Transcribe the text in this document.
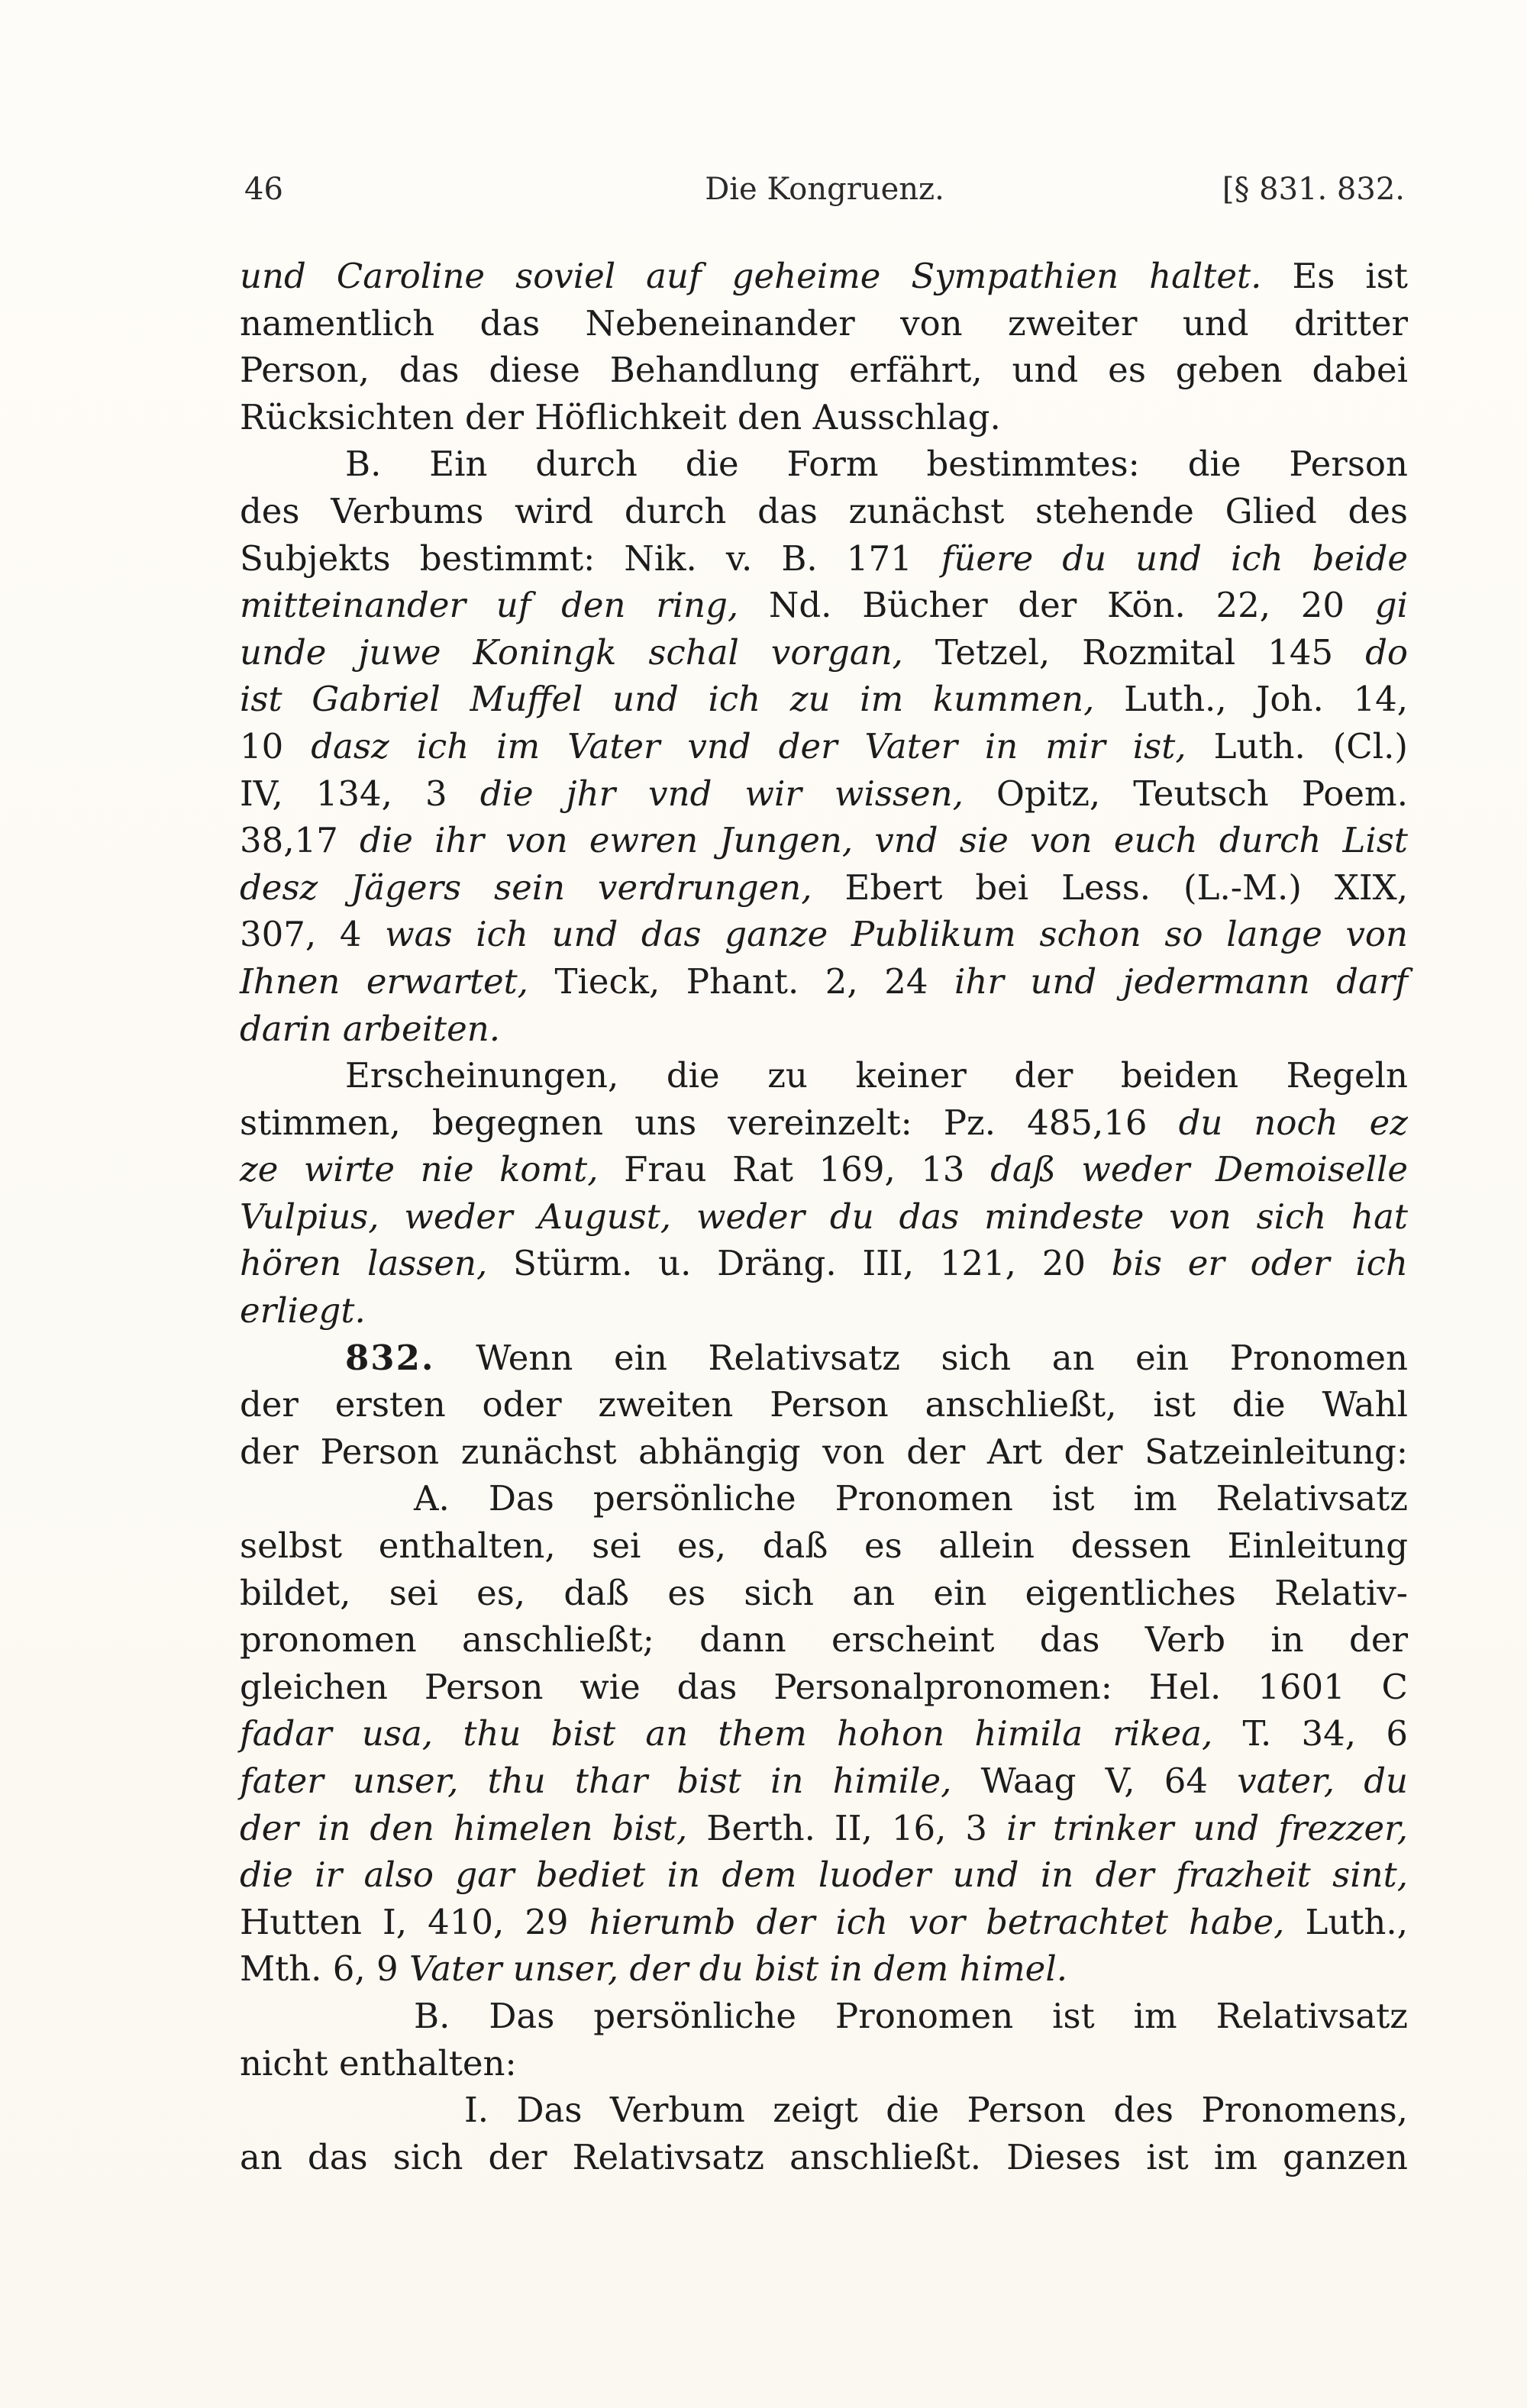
46	Die Kongruenz.	[§ 831. 832.
und Caroline soviel auf geheime Sympathien haltet. Es ist
namentlich das Nebeneinander von zweiter und dritter
Person, das diese Behandlung erfährt, und es geben dabei
Rücksichten der Höflichkeit den Ausschlag.
B. Ein durch die Form bestimmtes: die Person
des Verbums wird durch das zunächst stehende Glied des
Subjekts bestimmt: Nik. v. B. 171 füere du und ich beide
mitteinander uf den ring, Nd. Bücher der Kön. 22, 20 gi
unde juwe Koningk schal vorgan, Tetzel, Rozmital 145 do
ist Gabriel Muffel und ich zu im kummen, Luth., Joh. 14,
10 dasz ich im Vater vnd der Vater in mir ist, Luth. (Cl.)
IV, 134, 3 die jhr vnd wir wissen, Opitz, Teutsch Poem.
38,17 die ihr von ewren Jungen, vnd sie von euch durch List
desz Jägers sein verdrungen, Ebert bei Less. (L.-M.) XIX,
307, 4 was ich und das ganze Publikum schon so lange von
Ihnen erwartet, Tieck, Phant. 2, 24 ihr und jedermann darf
darin arbeiten.
Erscheinungen, die zu keiner der beiden Regeln
stimmen, begegnen uns vereinzelt: Pz. 485,16 du noch ez
ze wirte nie komt, Frau Rat 169, 13 daß weder Demoiselle
Vulpius, weder August, weder du das mindeste von sich hat
hören lassen, Stürm. u. Dräng. III, 121, 20 bis er oder ich
erliegt.
832. Wenn ein Relativsatz sich an ein Pronomen
der ersten oder zweiten Person anschließt, ist die Wahl
der Person zunächst abhängig von der Art der Satzeinleitung:
A. Das persönliche Pronomen ist im Relativsatz
selbst enthalten, sei es, daß es allein dessen Einleitung
bildet, sei es, daß es sich an ein eigentliches Relativ-
pronomen anschließt; dann erscheint das Verb in der
gleichen Person wie das Personalpronomen: Hel. 1601 C
fadar usa, thu bist an them hohon himila rikea, T. 34, 6
fater unser, thu thar bist in himile, Waag V, 64 vater, du
der in den himelen bist, Berth. II, 16, 3 ir trinker und frezzer,
die ir also gar bediet in dem luoder und in der frazheit sint,
Hutten I, 410, 29 hierumb der ich vor betrachtet habe, Luth.,
Mth. 6, 9 Vater unser, der du bist in dem himel.
B. Das persönliche Pronomen ist im Relativsatz
nicht enthalten:
I. Das Verbum zeigt die Person des Pronomens,
an das sich der Relativsatz anschließt. Dieses ist im ganzen
